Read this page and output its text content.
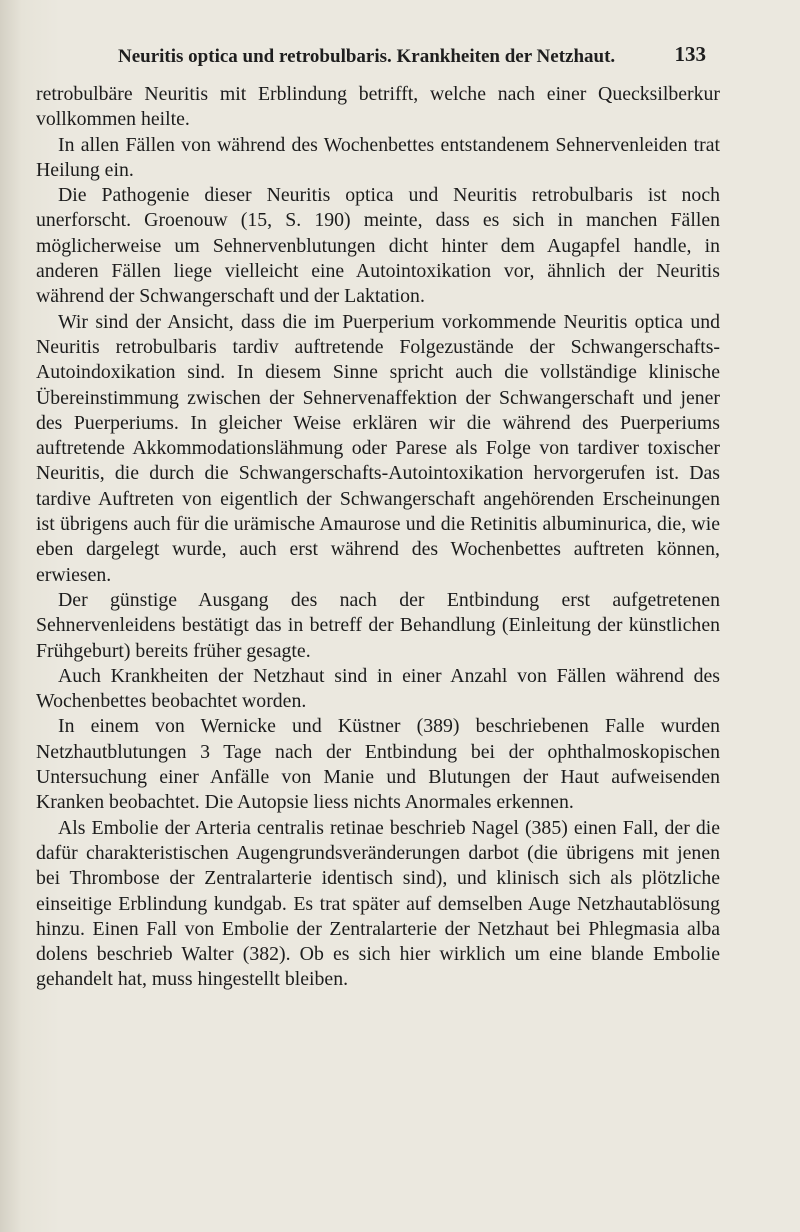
Neuritis optica und retrobulbaris. Krankheiten der Netzhaut.	133

retrobulbäre Neuritis mit Erblindung betrifft, welche nach einer Quecksilberkur vollkommen heilte.

In allen Fällen von während des Wochenbettes entstandenem Sehnervenleiden trat Heilung ein.

Die Pathogenie dieser Neuritis optica und Neuritis retrobulbaris ist noch unerforscht. Groenouw (15, S. 190) meinte, dass es sich in manchen Fällen möglicherweise um Sehnervenblutungen dicht hinter dem Augapfel handle, in anderen Fällen liege vielleicht eine Autointoxikation vor, ähnlich der Neuritis während der Schwangerschaft und der Laktation.

Wir sind der Ansicht, dass die im Puerperium vorkommende Neuritis optica und Neuritis retrobulbaris tardiv auftretende Folgezustände der Schwangerschafts-Autoindoxikation sind. In diesem Sinne spricht auch die vollständige klinische Übereinstimmung zwischen der Sehnervenaffektion der Schwangerschaft und jener des Puerperiums. In gleicher Weise erklären wir die während des Puerperiums auftretende Akkommodationslähmung oder Parese als Folge von tardiver toxischer Neuritis, die durch die Schwangerschafts-Autointoxikation hervorgerufen ist. Das tardive Auftreten von eigentlich der Schwangerschaft angehörenden Erscheinungen ist übrigens auch für die urämische Amaurose und die Retinitis albuminurica, die, wie eben dargelegt wurde, auch erst während des Wochenbettes auftreten können, erwiesen.

Der günstige Ausgang des nach der Entbindung erst aufgetretenen Sehnervenleidens bestätigt das in betreff der Behandlung (Einleitung der künstlichen Frühgeburt) bereits früher gesagte.

Auch Krankheiten der Netzhaut sind in einer Anzahl von Fällen während des Wochenbettes beobachtet worden.

In einem von Wernicke und Küstner (389) beschriebenen Falle wurden Netzhautblutungen 3 Tage nach der Entbindung bei der ophthalmoskopischen Untersuchung einer Anfälle von Manie und Blutungen der Haut aufweisenden Kranken beobachtet. Die Autopsie liess nichts Anormales erkennen.

Als Embolie der Arteria centralis retinae beschrieb Nagel (385) einen Fall, der die dafür charakteristischen Augengrundsveränderungen darbot (die übrigens mit jenen bei Thrombose der Zentralarterie identisch sind), und klinisch sich als plötzliche einseitige Erblindung kundgab. Es trat später auf demselben Auge Netzhautablösung hinzu. Einen Fall von Embolie der Zentralarterie der Netzhaut bei Phlegmasia alba dolens beschrieb Walter (382). Ob es sich hier wirklich um eine blande Embolie gehandelt hat, muss hingestellt bleiben.
